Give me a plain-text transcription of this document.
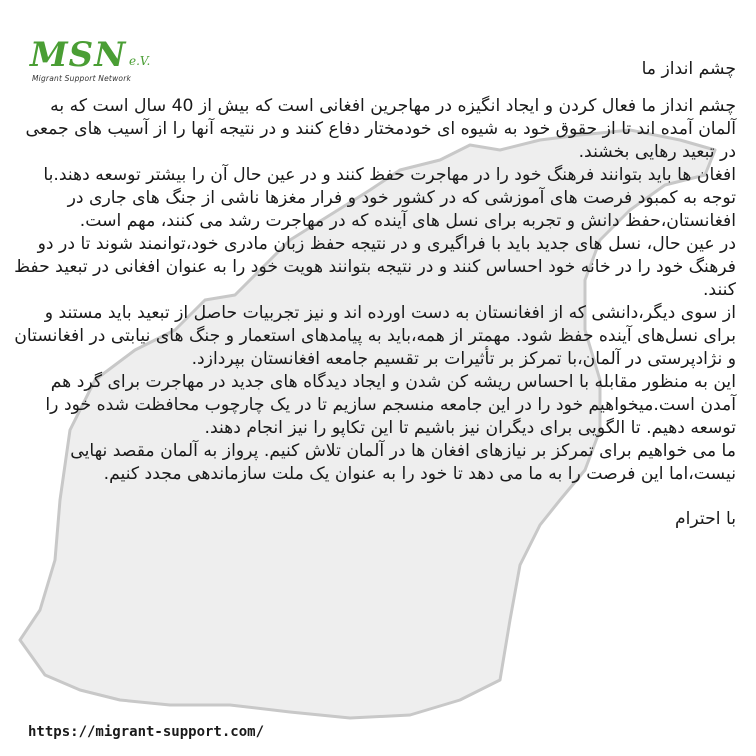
MSN e.V.
Migrant Support Network	چشم انداز ما

چشم انداز ما فعال کردن و ایجاد انگیزه در مهاجرین افغانی است که بیش از 40 سال است که به آلمان آمده اند تا از حقوق خود به شیوه ای خودمختار دفاع کنند و در نتیجه آنها را از آسیب های جمعی در تبعید رهایی بخشند.

افغان ها باید بتوانند فرهنگ خود را در مهاجرت حفظ کنند و در عین حال آن را بیشتر توسعه دهند.با توجه به کمبود فرصت های آموزشی که در کشور خود و فرار مغزها ناشی از جنگ های جاری در افغانستان،حفظ دانش و تجربه برای نسل های آینده که در مهاجرت رشد می کنند، مهم است.

در عین حال، نسل های جدید باید با فراگیری و در نتیجه حفظ زبان مادری خود،توانمند شوند تا در دو فرهنگ خود را در خانه خود احساس کنند و در نتیجه بتوانند هویت خود را به عنوان افغانی در تبعید حفظ کنند.

از سوی دیگر،دانشی که از افغانستان به دست اورده اند و نیز تجربیات حاصل از تبعید باید مستند و برای نسل‌های آینده حفظ شود. مهمتر از همه،باید به پیامدهای استعمار و جنگ های نیابتی در افغانستان و نژادپرستی در آلمان،با تمرکز بر تأثیرات بر تقسیم جامعه افغانستان بپردازد.

این به منظور مقابله با احساس ریشه کن شدن و ایجاد دیدگاه های جدید در مهاجرت برای گرد هم آمدن است.میخواهیم خود را در این جامعه منسجم سازیم تا در یک چارچوب محافظت شده خود را توسعه دهیم. تا الگویی برای دیگران نیز باشیم تا این تکاپو را نیز انجام دهند.

ما می خواهیم برای تمرکز بر نیازهای افغان ها در آلمان تلاش کنیم. پرواز به آلمان مقصد نهایی نیست،اما این فرصت را به ما می دهد تا خود را به عنوان یک ملت سازماندهی مجدد کنیم.

با احترام
https://migrant-support.com/
